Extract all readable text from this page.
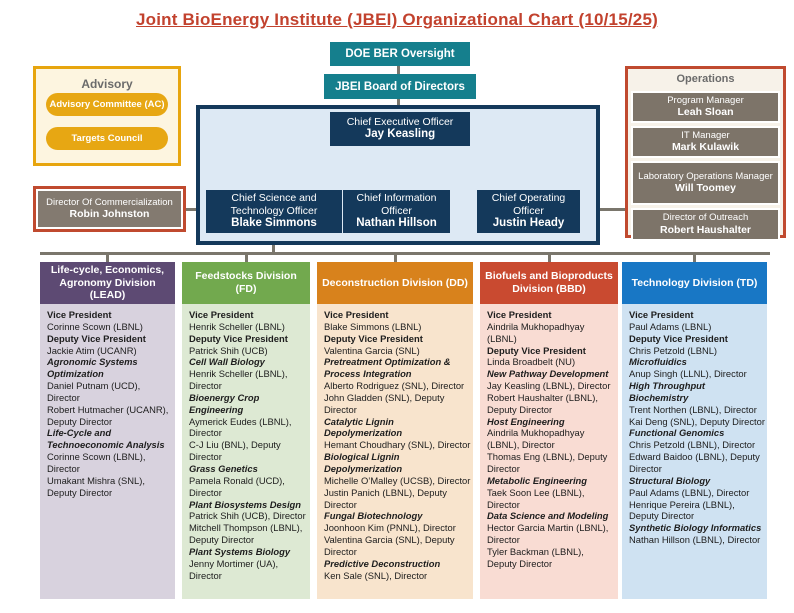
Joint BioEnergy Institute (JBEI) Organizational Chart (10/15/25)
DOE BER Oversight
JBEI Board of Directors
Advisory
Advisory Committee (AC)
Targets Council
Operations
Program Manager
Leah Sloan
IT Manager
Mark Kulawik
Laboratory Operations Manager
Will Toomey
Director of Outreach
Robert Haushalter
Chief Executive Officer
Jay Keasling
Chief Science and Technology Officer
Blake Simmons
Chief Information Officer
Nathan Hillson
Chief Operating Officer
Justin Heady
Director Of Commercialization
Robin Johnston
Life-cycle, Economics, Agronomy Division (LEAD)
Vice President
Corinne Scown (LBNL)
Deputy Vice President
Jackie Atim (UCANR)
Agronomic Systems Optimization
Daniel Putnam (UCD), Director
Robert Hutmacher (UCANR), Deputy Director
Life-Cycle and Technoeconomic Analysis
Corinne Scown (LBNL), Director
Umakant Mishra (SNL), Deputy Director
Feedstocks Division (FD)
Vice President
Henrik Scheller (LBNL)
Deputy Vice President
Patrick Shih (UCB)
Cell Wall Biology
Henrik Scheller (LBNL), Director
Bioenergy Crop Engineering
Aymerick Eudes (LBNL), Director
C-J Liu (BNL), Deputy Director
Grass Genetics
Pamela Ronald (UCD), Director
Plant Biosystems Design
Patrick Shih (UCB), Director
Mitchell Thompson (LBNL), Deputy Director
Plant Systems Biology
Jenny Mortimer (UA), Director
Deconstruction Division (DD)
Vice President
Blake Simmons (LBNL)
Deputy Vice President
Valentina Garcia (SNL)
Pretreatment Optimization & Process Integration
Alberto Rodriguez (SNL), Director
John Gladden (SNL), Deputy Director
Catalytic Lignin Depolymerization
Hemant Choudhary (SNL), Director
Biological Lignin Depolymerization
Michelle O’Malley (UCSB), Director
Justin Panich (LBNL), Deputy Director
Fungal Biotechnology
Joonhoon Kim (PNNL), Director
Valentina Garcia (SNL), Deputy Director
Predictive Deconstruction
Ken Sale (SNL), Director
Biofuels and Bioproducts Division (BBD)
Vice President
Aindrila Mukhopadhyay (LBNL)
Deputy Vice President
Linda Broadbelt (NU)
New Pathway Development
Jay Keasling (LBNL), Director
Robert Haushalter (LBNL), Deputy Director
Host Engineering
Aindrila Mukhopadhyay (LBNL), Director
Thomas Eng (LBNL), Deputy Director
Metabolic Engineering
Taek Soon Lee (LBNL), Director
Data Science and Modeling
Hector Garcia Martin (LBNL), Director
Tyler Backman (LBNL), Deputy Director
Technology Division (TD)
Vice President
Paul Adams (LBNL)
Deputy Vice President
Chris Petzold (LBNL)
Microfluidics
Anup Singh (LLNL), Director
High Throughput Biochemistry
Trent Northen (LBNL), Director
Kai Deng (SNL), Deputy Director
Functional Genomics
Chris Petzold (LBNL), Director
Edward Baidoo (LBNL), Deputy Director
Structural Biology
Paul Adams (LBNL), Director
Henrique Pereira (LBNL), Deputy Director
Synthetic Biology Informatics
Nathan Hillson (LBNL), Director
